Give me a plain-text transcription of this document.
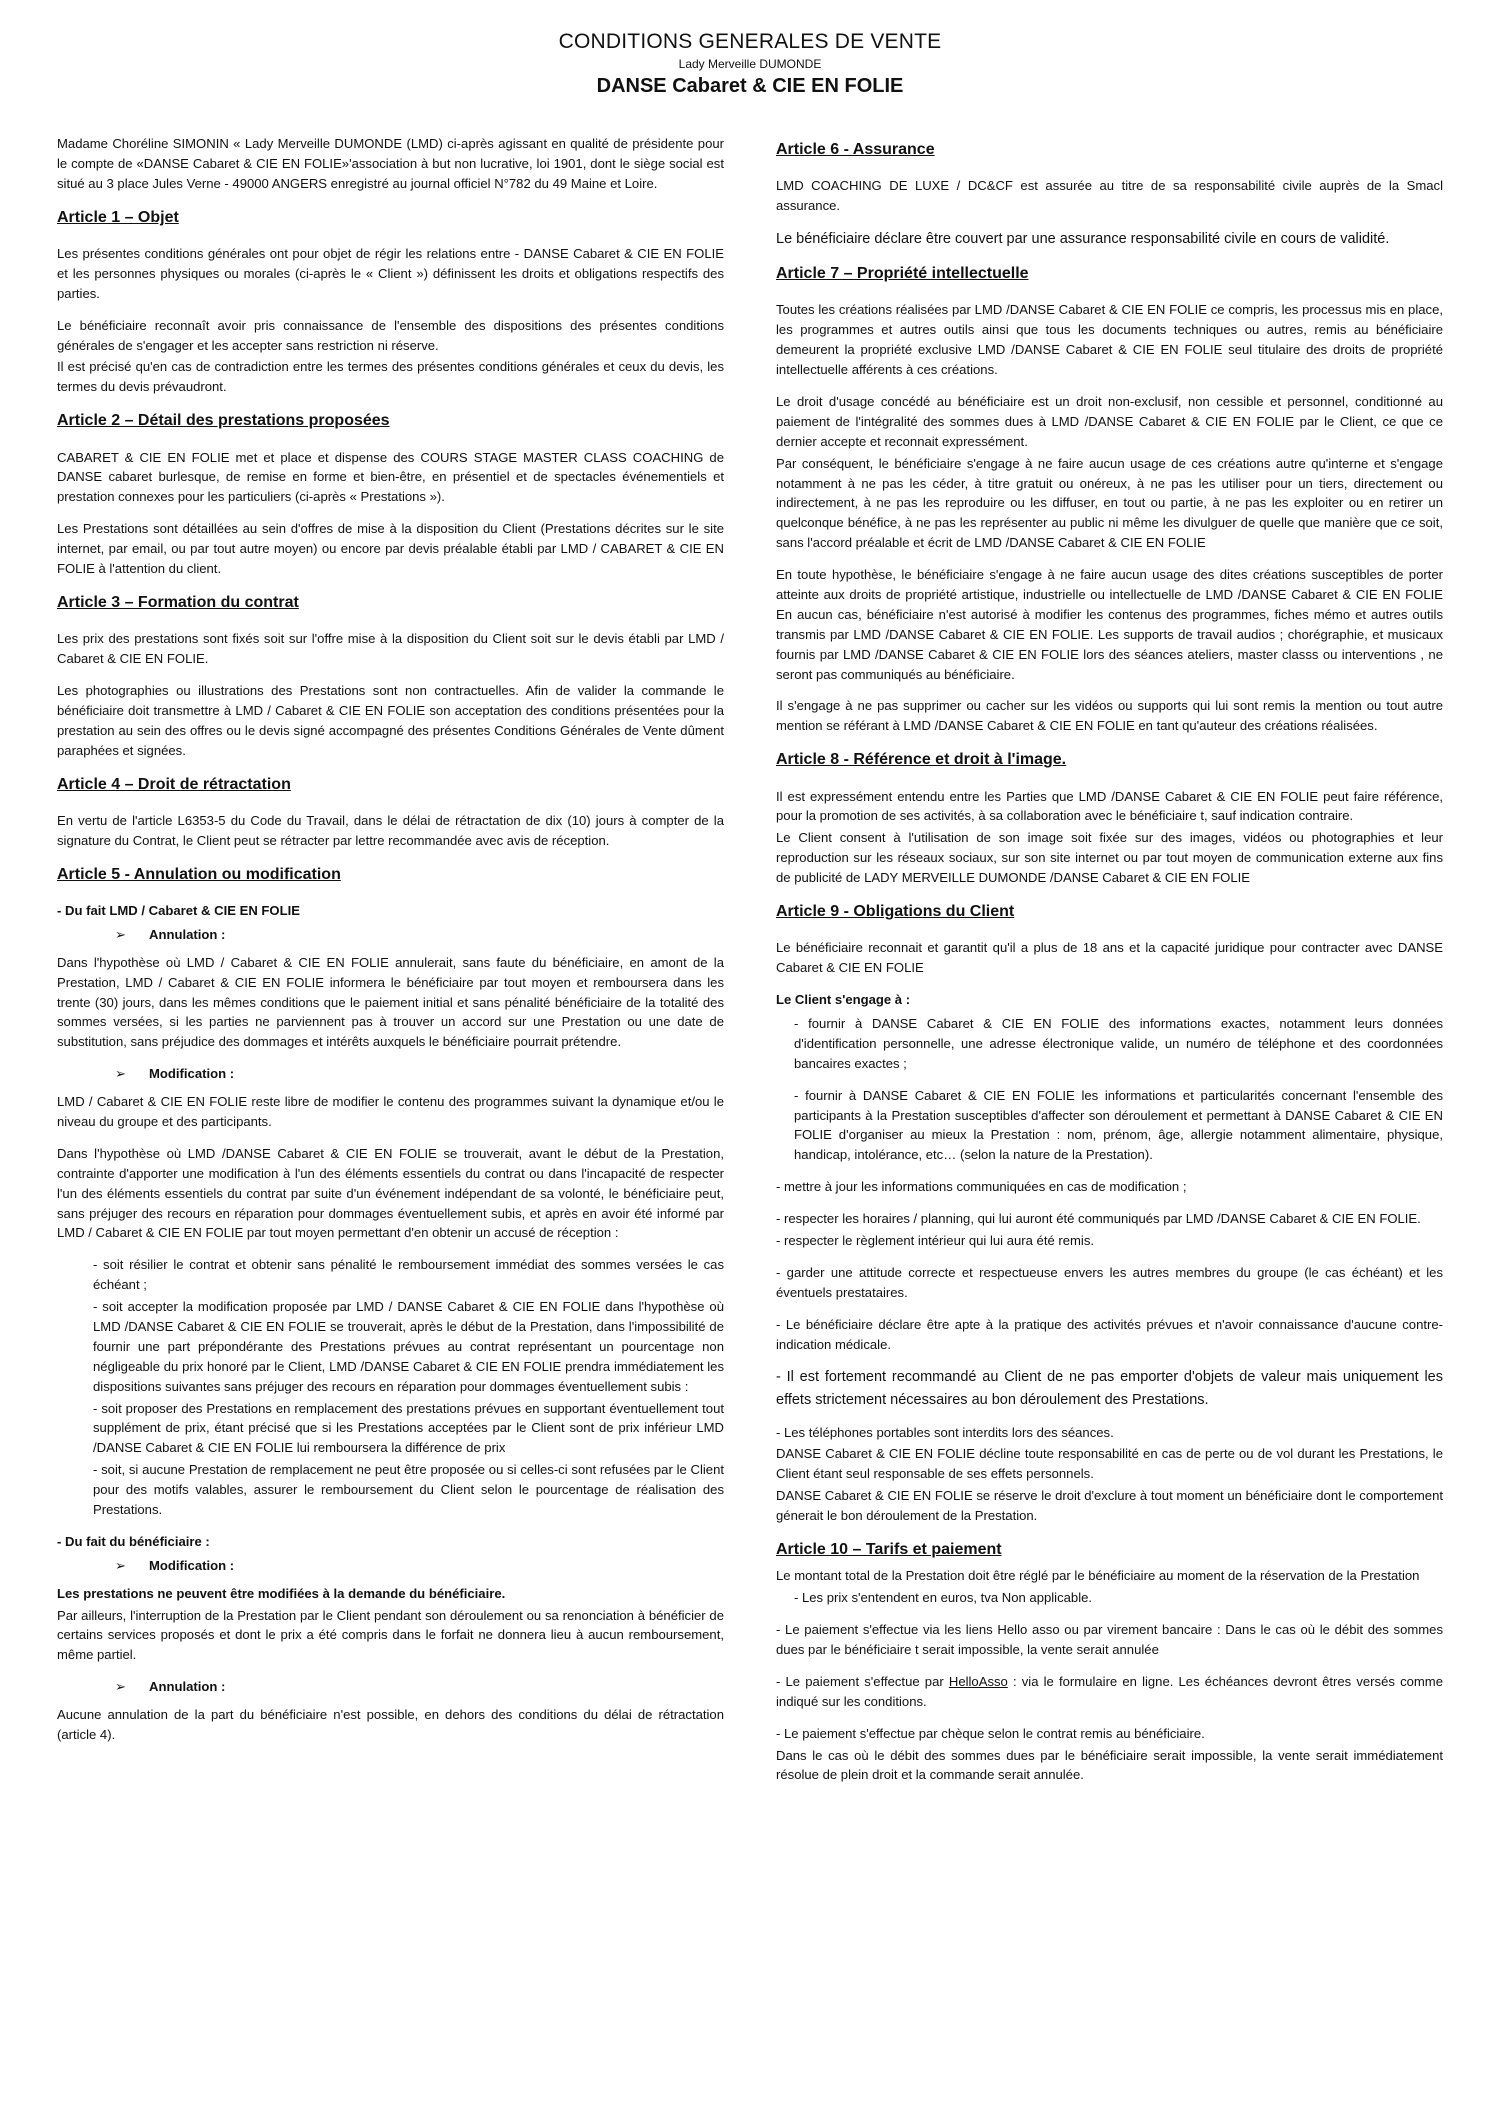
CONDITIONS GENERALES DE VENTE
Lady Merveille DUMONDE
DANSE Cabaret & CIE EN FOLIE

Madame Choréline SIMONIN « Lady Merveille DUMONDE (LMD) ci-après agissant en qualité de présidente pour le compte de «DANSE Cabaret & CIE EN FOLIE»'association à but non lucrative, loi 1901, dont le siège social est situé au 3 place Jules Verne - 49000 ANGERS enregistré au journal officiel N°782 du 49 Maine et Loire.

Article 1 – Objet

Les présentes conditions générales ont pour objet de régir les relations entre - DANSE Cabaret & CIE EN FOLIE et les personnes physiques ou morales (ci-après le « Client ») définissent les droits et obligations respectifs des parties.

Le bénéficiaire reconnaît avoir pris connaissance de l'ensemble des dispositions des présentes conditions générales de s'engager et les accepter sans restriction ni réserve.

Il est précisé qu'en cas de contradiction entre les termes des présentes conditions générales et ceux du devis, les termes du devis prévaudront.

Article 2 – Détail des prestations proposées

CABARET & CIE EN FOLIE met et place et dispense des COURS STAGE MASTER CLASS COACHING de DANSE cabaret burlesque, de remise en forme et bien-être, en présentiel et de spectacles événementiels et prestation connexes pour les particuliers (ci-après « Prestations »).

Les Prestations sont détaillées au sein d'offres de mise à la disposition du Client (Prestations décrites sur le site internet, par email, ou par tout autre moyen) ou encore par devis préalable établi par LMD / CABARET & CIE EN FOLIE à l'attention du client.

Article 3 – Formation du contrat

Les prix des prestations sont fixés soit sur l'offre mise à la disposition du Client soit sur le devis établi par LMD / Cabaret & CIE EN FOLIE.

Les photographies ou illustrations des Prestations sont non contractuelles. Afin de valider la commande le bénéficiaire doit transmettre à LMD / Cabaret & CIE EN FOLIE son acceptation des conditions présentées pour la prestation au sein des offres ou le devis signé accompagné des présentes Conditions Générales de Vente dûment paraphées et signées.

Article 4 – Droit de rétractation

En vertu de l'article L6353-5 du Code du Travail, dans le délai de rétractation de dix (10) jours à compter de la signature du Contrat, le Client peut se rétracter par lettre recommandée avec avis de réception.

Article 5 - Annulation ou modification
- Du fait LMD / Cabaret & CIE EN FOLIE
➢ Annulation :

Dans l'hypothèse où LMD / Cabaret & CIE EN FOLIE annulerait, sans faute du bénéficiaire, en amont de la Prestation, LMD / Cabaret & CIE EN FOLIE informera le bénéficiaire par tout moyen et remboursera dans les trente (30) jours, dans les mêmes conditions que le paiement initial et sans pénalité bénéficiaire de la totalité des sommes versées, si les parties ne parviennent pas à trouver un accord sur une Prestation ou une date de substitution, sans préjudice des dommages et intérêts auxquels le bénéficiaire pourrait prétendre.

➢ Modification :

LMD / Cabaret & CIE EN FOLIE reste libre de modifier le contenu des programmes suivant la dynamique et/ou le niveau du groupe et des participants.

Dans l'hypothèse où LMD /DANSE Cabaret & CIE EN FOLIE se trouverait, avant le début de la Prestation, contrainte d'apporter une modification à l'un des éléments essentiels du contrat ou dans l'incapacité de respecter l'un des éléments essentiels du contrat par suite d'un événement indépendant de sa volonté, le bénéficiaire peut, sans préjuger des recours en réparation pour dommages éventuellement subis, et après en avoir été informé par LMD / Cabaret & CIE EN FOLIE par tout moyen permettant d'en obtenir un accusé de réception :

- soit résilier le contrat et obtenir sans pénalité le remboursement immédiat des sommes versées le cas échéant ;

- soit accepter la modification proposée par LMD / DANSE Cabaret & CIE EN FOLIE dans l'hypothèse où LMD /DANSE Cabaret & CIE EN FOLIE se trouverait, après le début de la Prestation, dans l'impossibilité de fournir une part prépondérante des Prestations prévues au contrat représentant un pourcentage non négligeable du prix honoré par le Client, LMD /DANSE Cabaret & CIE EN FOLIE prendra immédiatement les dispositions suivantes sans préjuger des recours en réparation pour dommages éventuellement subis :

- soit proposer des Prestations en remplacement des prestations prévues en supportant éventuellement tout supplément de prix, étant précisé que si les Prestations acceptées par le Client sont de prix inférieur LMD /DANSE Cabaret & CIE EN FOLIE lui remboursera la différence de prix

- soit, si aucune Prestation de remplacement ne peut être proposée ou si celles-ci sont refusées par le Client pour des motifs valables, assurer le remboursement du Client selon le pourcentage de réalisation des Prestations.

- Du fait du bénéficiaire :
➢ Modification :

Les prestations ne peuvent être modifiées à la demande du bénéficiaire.

Par ailleurs, l'interruption de la Prestation par le Client pendant son déroulement ou sa renonciation à bénéficier de certains services proposés et dont le prix a été compris dans le forfait ne donnera lieu à aucun remboursement, même partiel.

➢ Annulation :

Aucune annulation de la part du bénéficiaire n'est possible, en dehors des conditions du délai de rétractation (article 4).

Article 6 - Assurance

LMD COACHING DE LUXE / DC&CF est assurée au titre de sa responsabilité civile auprès de la Smacl assurance.

Le bénéficiaire déclare être couvert par une assurance responsabilité civile en cours de validité.

Article 7 – Propriété intellectuelle

Toutes les créations réalisées par LMD /DANSE Cabaret & CIE EN FOLIE ce compris, les processus mis en place, les programmes et autres outils ainsi que tous les documents techniques ou autres, remis au bénéficiaire demeurent la propriété exclusive LMD /DANSE Cabaret & CIE EN FOLIE seul titulaire des droits de propriété intellectuelle afférents à ces créations.

Le droit d'usage concédé au bénéficiaire est un droit non-exclusif, non cessible et personnel, conditionné au paiement de l'intégralité des sommes dues à LMD /DANSE Cabaret & CIE EN FOLIE par le Client, ce que ce dernier accepte et reconnait expressément.

Par conséquent, le bénéficiaire s'engage à ne faire aucun usage de ces créations autre qu'interne et s'engage notamment à ne pas les céder, à titre gratuit ou onéreux, à ne pas les utiliser pour un tiers, directement ou indirectement, à ne pas les reproduire ou les diffuser, en tout ou partie, à ne pas les exploiter ou en retirer un quelconque bénéfice, à ne pas les représenter au public ni même les divulguer de quelle que manière que ce soit, sans l'accord préalable et écrit de LMD /DANSE Cabaret & CIE EN FOLIE

En toute hypothèse, le bénéficiaire s'engage à ne faire aucun usage des dites créations susceptibles de porter atteinte aux droits de propriété artistique, industrielle ou intellectuelle de LMD /DANSE Cabaret & CIE EN FOLIE En aucun cas, bénéficiaire n'est autorisé à modifier les contenus des programmes, fiches mémo et autres outils transmis par LMD /DANSE Cabaret & CIE EN FOLIE. Les supports de travail audios ; chorégraphie, et musicaux fournis par LMD /DANSE Cabaret & CIE EN FOLIE lors des séances ateliers, master classs ou interventions , ne seront pas communiqués au bénéficiaire.

Il s'engage à ne pas supprimer ou cacher sur les vidéos ou supports qui lui sont remis la mention ou tout autre mention se référant à LMD /DANSE Cabaret & CIE EN FOLIE en tant qu'auteur des créations réalisées.

Article 8 - Référence et droit à l'image.

Il est expressément entendu entre les Parties que LMD /DANSE Cabaret & CIE EN FOLIE peut faire référence, pour la promotion de ses activités, à sa collaboration avec le bénéficiaire t, sauf indication contraire.

Le Client consent à l'utilisation de son image soit fixée sur des images, vidéos ou photographies et leur reproduction sur les réseaux sociaux, sur son site internet ou par tout moyen de communication externe aux fins de publicité de LADY MERVEILLE DUMONDE /DANSE Cabaret & CIE EN FOLIE

Article 9 - Obligations du Client

Le bénéficiaire reconnait et garantit qu'il a plus de 18 ans et la capacité juridique pour contracter avec DANSE Cabaret & CIE EN FOLIE

Le Client s'engage à :

- fournir à DANSE Cabaret & CIE EN FOLIE des informations exactes, notamment leurs données d'identification personnelle, une adresse électronique valide, un numéro de téléphone et des coordonnées bancaires exactes ;

- fournir à DANSE Cabaret & CIE EN FOLIE les informations et particularités concernant l'ensemble des participants à la Prestation susceptibles d'affecter son déroulement et permettant à DANSE Cabaret & CIE EN FOLIE d'organiser au mieux la Prestation : nom, prénom, âge, allergie notamment alimentaire, physique, handicap, intolérance, etc… (selon la nature de la Prestation).

- mettre à jour les informations communiquées en cas de modification ;

- respecter les horaires / planning, qui lui auront été communiqués par LMD /DANSE Cabaret & CIE EN FOLIE.

- respecter le règlement intérieur qui lui aura été remis.

- garder une attitude correcte et respectueuse envers les autres membres du groupe (le cas échéant) et les éventuels prestataires.

- Le bénéficiaire déclare être apte à la pratique des activités prévues et n'avoir connaissance d'aucune contre-indication médicale.

- Il est fortement recommandé au Client de ne pas emporter d'objets de valeur mais uniquement les effets strictement nécessaires au bon déroulement des Prestations.

- Les téléphones portables sont interdits lors des séances.

DANSE Cabaret & CIE EN FOLIE décline toute responsabilité en cas de perte ou de vol durant les Prestations, le Client étant seul responsable de ses effets personnels.

DANSE Cabaret & CIE EN FOLIE se réserve le droit d'exclure à tout moment un bénéficiaire dont le comportement génerait le bon déroulement de la Prestation.

Article 10 – Tarifs et paiement

Le montant total de la Prestation doit être réglé par le bénéficiaire au moment de la réservation de la Prestation

- Les prix s'entendent en euros, tva Non applicable.

- Le paiement s'effectue via les liens Hello asso ou par virement bancaire : Dans le cas où le débit des sommes dues par le bénéficiaire t serait impossible, la vente serait annulée

- Le paiement s'effectue par HelloAsso : via le formulaire en ligne. Les échéances devront êtres versés comme indiqué sur les conditions.

- Le paiement s'effectue par chèque selon le contrat remis au bénéficiaire.

Dans le cas où le débit des sommes dues par le bénéficiaire serait impossible, la vente serait immédiatement résolue de plein droit et la commande serait annulée.
